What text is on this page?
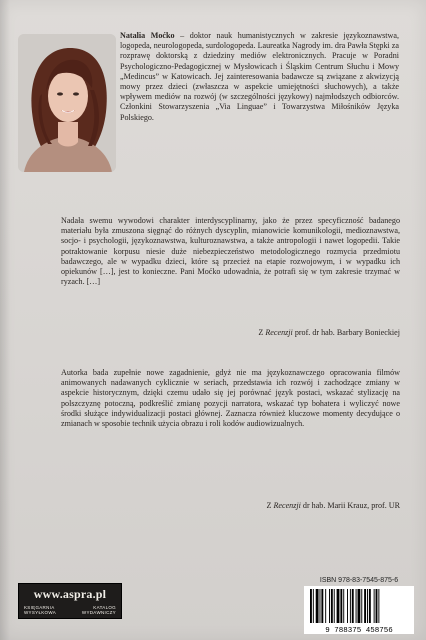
Natalia Moćko – doktor nauk humanistycznych w zakresie językoznawstwa, logopeda, neurologopeda, surdologopeda. Laureatka Nagrody im. dra Pawła Stępki za rozprawę doktorską z dziedziny mediów elektronicznych. Pracuje w Poradni Psychologiczno-Pedagogicznej w Mysłowicach i Śląskim Centrum Słuchu i Mowy „Medincus” w Katowicach. Jej zainteresowania badawcze są związane z akwizycją mowy przez dzieci (zwłaszcza w aspekcie umiejętności słuchowych), a także wpływem mediów na rozwój (w szczególności językowy) najmłodszych odbiorców. Członkini Stowarzyszenia „Via Linguae” i Towarzystwa Miłośników Języka Polskiego.
Nadała swemu wywodowi charakter interdyscyplinarny, jako że przez specyficzność badanego materiału była zmuszona sięgnąć do różnych dyscyplin, mianowicie komunikologii, medioznawstwa, socjo- i psychologii, językoznawstwa, kulturoznawstwa, a także antropologii i nawet logopedii. Takie potraktowanie korpusu niesie duże niebezpieczeństwo metodologicznego rozmycia przedmiotu badawczego, ale w wypadku dzieci, które są przecież na etapie rozwojowym, i w wypadku ich opiekunów […], jest to konieczne. Pani Moćko udowadnia, że potrafi się w tym zakresie trzymać w ryzach. […]
Z Recenzji prof. dr hab. Barbary Bonieckiej
Autorka bada zupełnie nowe zagadnienie, gdyż nie ma językoznawczego opracowania filmów animowanych nadawanych cyklicznie w seriach, przedstawia ich rozwój i zachodzące zmiany w aspekcie historycznym, dzięki czemu udało się jej porównać język postaci, wskazać stylizację na polszczyznę potoczną, podkreślić zmianę pozycji narratora, wskazać typ bohatera i wyliczyć nowe środki służące indywidualizacji postaci głównej. Zaznacza również kluczowe momenty decydujące o zmianach w sposobie technik użycia obrazu i roli kodów audiowizualnych.
Z Recenzji dr hab. Marii Krauz, prof. UR
www.aspra.pl
KSIĘGARNIA
WYSYŁKOWA
KATALOG
WYDAWNICZY
ISBN 978-83-7545-875-6
9 788375 458756
